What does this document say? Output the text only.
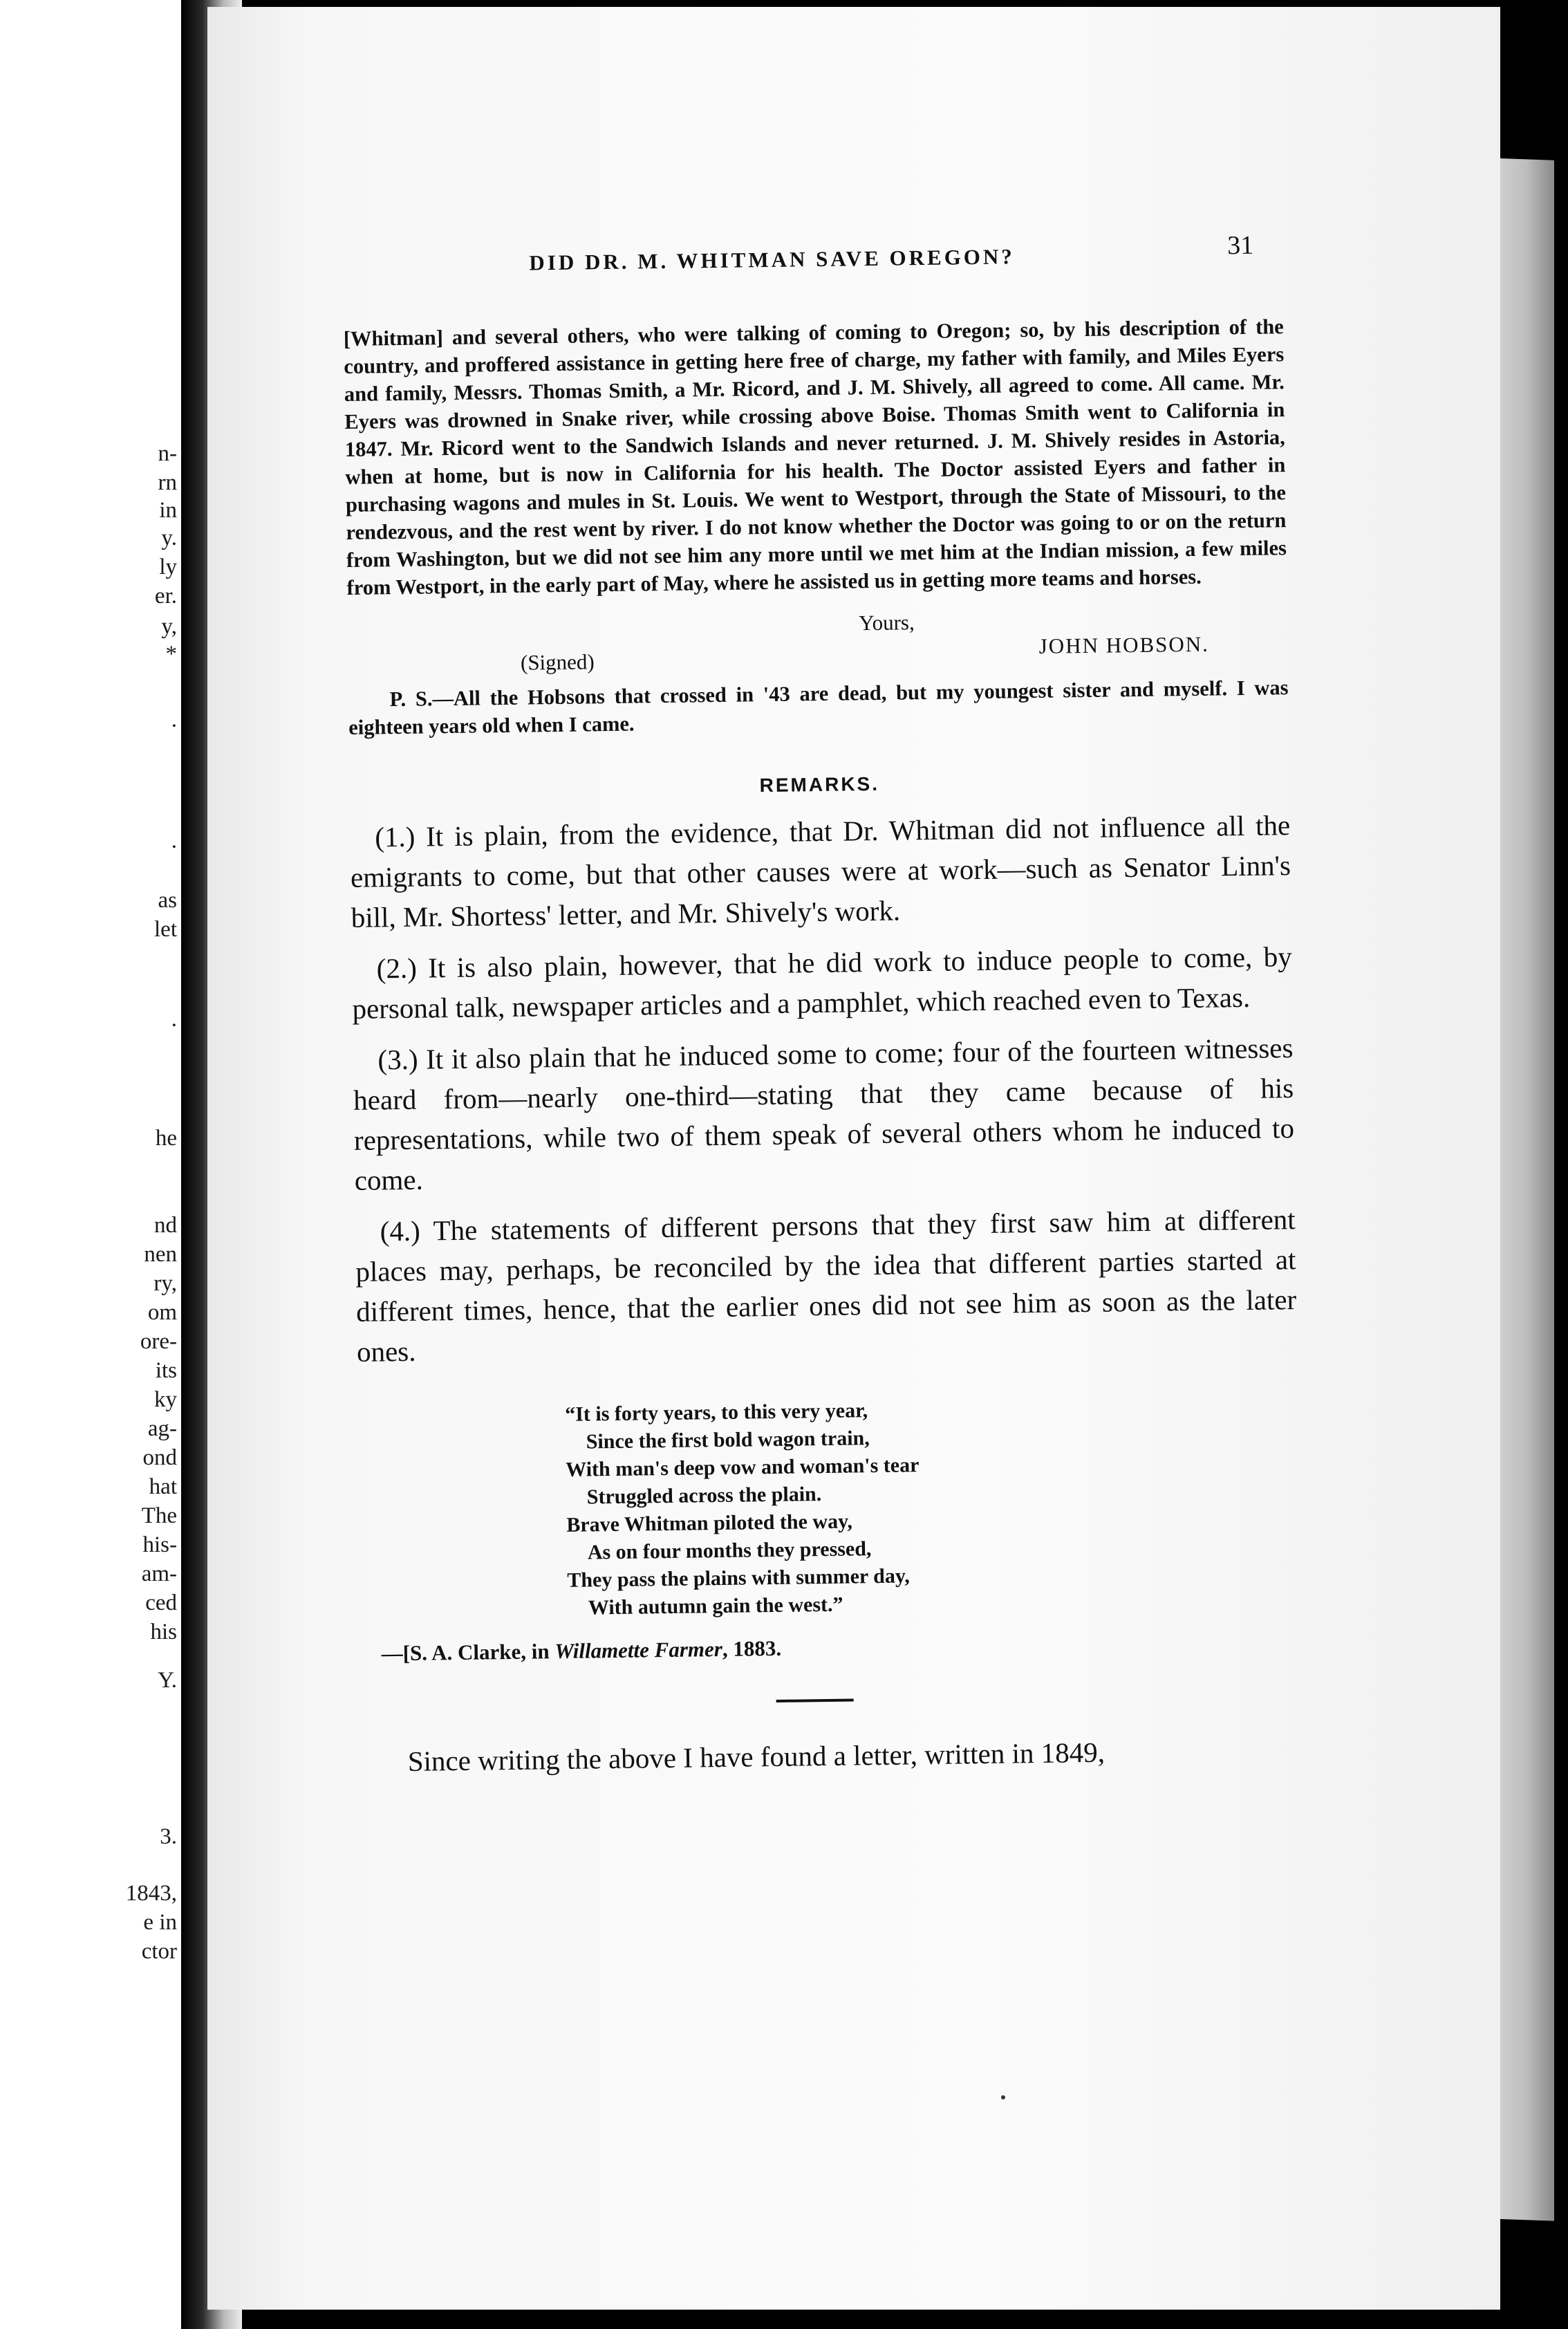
n-
rn
in
y.
ly
er.
y,
*
.
.
as
let
.
he
nd
nen
ry,
om
ore-
its
ky
ag-
ond
hat
The
his-
am-
ced
his
Y.
3.
1843,
e in
ctor
DID DR. M. WHITMAN SAVE OREGON?	31

[Whitman] and several others, who were talking of coming to Oregon; so, by his description of the country, and proffered assistance in getting here free of charge, my father with family, and Miles Eyers and family, Messrs. Thomas Smith, a Mr. Ricord, and J. M. Shively, all agreed to come. All came. Mr. Eyers was drowned in Snake river, while crossing above Boise. Thomas Smith went to California in 1847. Mr. Ricord went to the Sandwich Islands and never returned. J. M. Shively resides in Astoria, when at home, but is now in California for his health. The Doctor assisted Eyers and father in purchasing wagons and mules in St. Louis. We went to Westport, through the State of Missouri, to the rendezvous, and the rest went by river. I do not know whether the Doctor was going to or on the return from Washington, but we did not see him any more until we met him at the Indian mission, a few miles from Westport, in the early part of May, where he assisted us in getting more teams and horses.

Yours,
(Signed)
JOHN HOBSON.

P. S.—All the Hobsons that crossed in '43 are dead, but my youngest sister and myself. I was eighteen years old when I came.

REMARKS.

(1.) It is plain, from the evidence, that Dr. Whitman did not influence all the emigrants to come, but that other causes were at work—such as Senator Linn's bill, Mr. Shortess' letter, and Mr. Shively's work.

(2.) It is also plain, however, that he did work to induce people to come, by personal talk, newspaper articles and a pamphlet, which reached even to Texas.

(3.) It it also plain that he induced some to come; four of the fourteen witnesses heard from—nearly one-third—stating that they came because of his representations, while two of them speak of several others whom he induced to come.

(4.) The statements of different persons that they first saw him at different places may, perhaps, be reconciled by the idea that different parties started at different times, hence, that the earlier ones did not see him as soon as the later ones.

“It is forty years, to this very year,
Since the first bold wagon train,
With man's deep vow and woman's tear
Struggled across the plain.
Brave Whitman piloted the way,
As on four months they pressed,
They pass the plains with summer day,
With autumn gain the west.”
—[S. A. Clarke, in Willamette Farmer, 1883.
Since writing the above I have found a letter, written in 1849,
